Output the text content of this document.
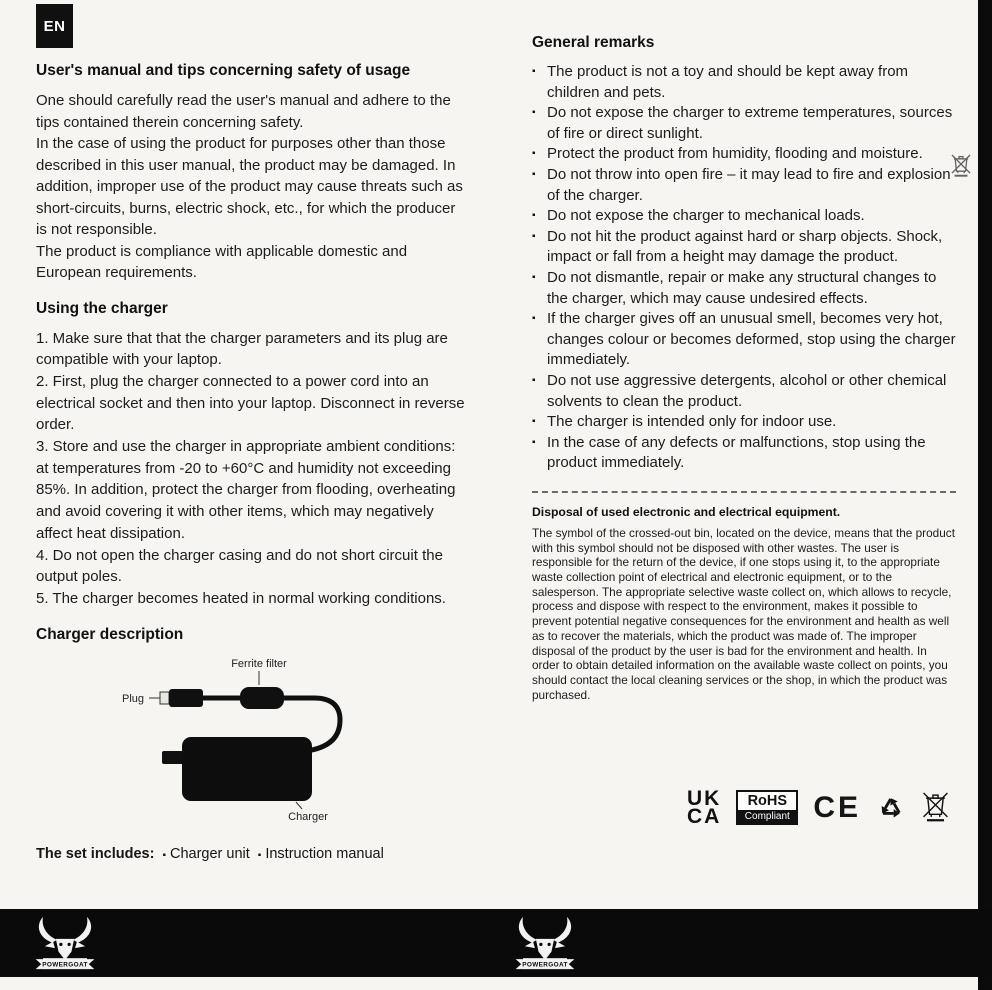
EN
User's manual and tips concerning safety of usage

One should carefully read the user's manual and adhere to the tips contained therein concerning safety.

In the case of using the product for purposes other than those described in this user manual, the product may be damaged. In addition, improper use of the product may cause threats such as short-circuits, burns, electric shock, etc., for which the producer is not responsible.

The product is compliance with applicable domestic and European requirements.

Using the charger

1. Make sure that that the charger parameters and its plug are compatible with your laptop.

2. First, plug the charger connected to a power cord into an electrical socket and then into your laptop. Disconnect in reverse order.

3. Store and use the charger in appropriate ambient conditions: at temperatures from -20 to +60°C and humidity not exceeding 85%. In addition, protect the charger from flooding, overheating and avoid covering it with other items, which may negatively affect heat dissipation.

4. Do not open the charger casing and do not short circuit the output poles.

5. The charger becomes heated in normal working conditions.

Charger description
Ferrite filter
Plug
Charger
The set includes: ▪ Charger unit ▪ Instruction manual
General remarks
▪ The product is not a toy and should be kept away from children and pets.
▪ Do not expose the charger to extreme temperatures, sources of fire or direct sunlight.
▪ Protect the product from humidity, flooding and moisture.
▪ Do not throw into open fire – it may lead to fire and explosion of the charger.
▪ Do not expose the charger to mechanical loads.
▪ Do not hit the product against hard or sharp objects. Shock, impact or fall from a height may damage the product.
▪ Do not dismantle, repair or make any structural changes to the charger, which may cause undesired effects.
▪ If the charger gives off an unusual smell, becomes very hot, changes colour or becomes deformed, stop using the charger immediately.
▪ Do not use aggressive detergents, alcohol or other chemical solvents to clean the product.
▪ The charger is intended only for indoor use.
▪ In the case of any defects or malfunctions, stop using the product immediately.
Disposal of used electronic and electrical equipment.

The symbol of the crossed-out bin, located on the device, means that the product with this symbol should not be disposed with other wastes. The user is responsible for the return of the device, if one stops using it, to the appropriate waste collection point of electrical and electronic equipment, or to the salesperson. The appropriate selective waste collect on, which allows to recycle, process and dispose with respect to the environment, makes it possible to prevent potential negative consequences for the environment and health as well as to recover the materials, which the product was made of. The improper disposal of the product by the user is bad for the environment and health. In order to obtain detailed information on the available waste collect on points, you should contact the local cleaning services or the shop, in which the product was purchased.

UK
CA
RoHS
Compliant CE
POWERGOAT	POWERGOAT
